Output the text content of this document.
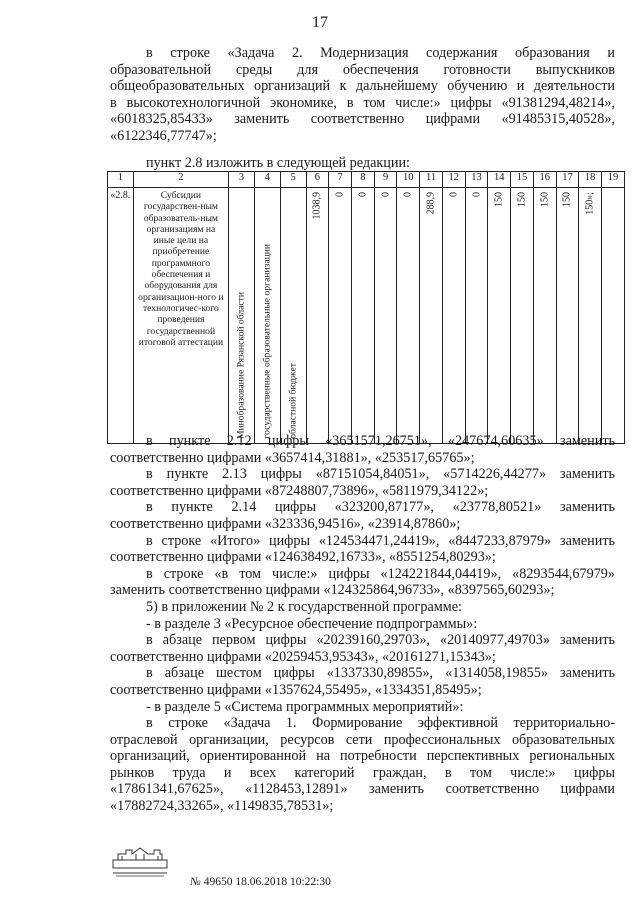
17
в строке «Задача 2. Модернизация содержания образования и
образовательной среды для обеспечения готовности выпускников
общеобразовательных организаций к дальнейшему обучению и деятельности
в высокотехнологичной экономике, в том числе:» цифры «91381294,48214»,
«6018325,85433» заменить соответственно цифрами «91485315,40528»,
«6122346,77747»;
пункт 2.8 изложить в следующей редакции:
1	2	3	4	5	6	7	8	9	10	11	12	13	14	15	16	17	18	19
«2.8.	Субсидии государствен-ным образователь-ным организациям на иные цели на приобретение программного обеспечения и оборудования для организацион-ного и технологичес-кого проведения государственной итоговой аттестации	Минобразование Рязанской области	государственные образовательные организации	областной бюджет	1038,9	0	0	0	0	288,9	0	0	150	150	150	150	150»;	

в пункте 2.12 цифры «3651571,26751», «247674,60635» заменить
соответственно цифрами «3657414,31881», «253517,65765»;
в пункте 2.13 цифры «87151054,84051», «5714226,44277» заменить
соответственно цифрами «87248807,73896», «5811979,34122»;
в пункте 2.14 цифры «323200,87177», «23778,80521» заменить
соответственно цифрами «323336,94516», «23914,87860»;
в строке «Итого» цифры «124534471,24419», «8447233,87979» заменить
соответственно цифрами «124638492,16733», «8551254,80293»;
в строке «в том числе:» цифры «124221844,04419», «8293544,67979»
заменить соответственно цифрами «124325864,96733», «8397565,60293»;
5) в приложении № 2 к государственной программе:
- в разделе 3 «Ресурсное обеспечение подпрограммы»:
в абзаце первом цифры «20239160,29703», «20140977,49703» заменить
соответственно цифрами «20259453,95343», «20161271,15343»;
в абзаце шестом цифры «1337330,89855», «1314058,19855» заменить
соответственно цифрами «1357624,55495», «1334351,85495»;
- в разделе 5 «Система программных мероприятий»:
в строке «Задача 1. Формирование эффективной территориально-
отраслевой организации, ресурсов сети профессиональных образовательных
организаций, ориентированной на потребности перспективных региональных
рынков труда и всех категорий граждан, в том числе:» цифры
«17861341,67625», «1128453,12891» заменить соответственно цифрами
«17882724,33265», «1149835,78531»;
№ 49650 18.06.2018 10:22:30
